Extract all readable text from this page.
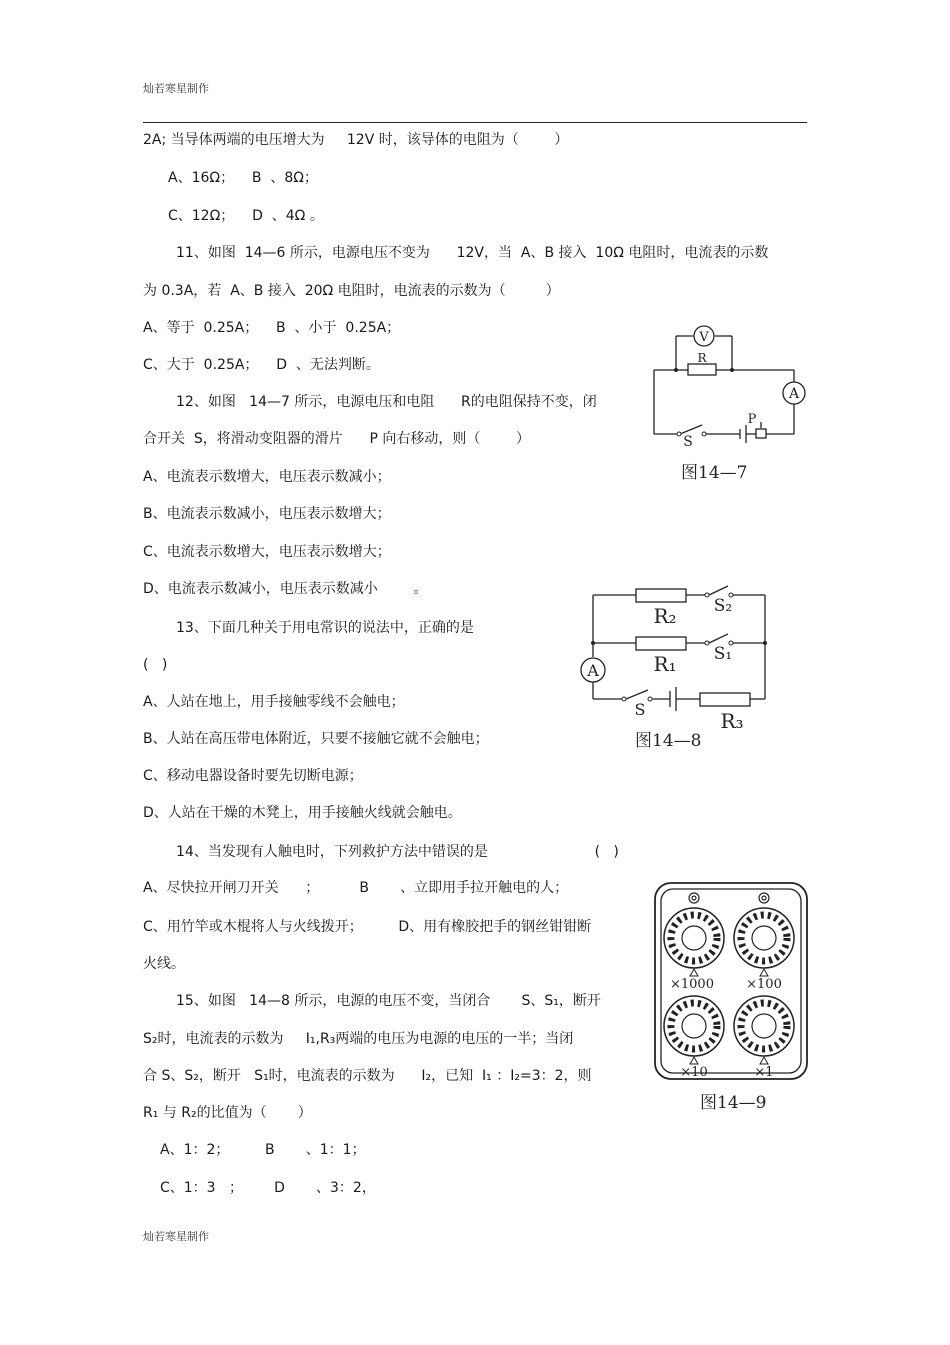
灿若寒星制作
2A; 当导体两端的电压增大为     12V 时，该导体的电阻为（        ）
A、16Ω；    B  、8Ω；
C、12Ω；    D  、4Ω 。
11、如图  14—6 所示，电源电压不变为      12V，当  A、B 接入  10Ω 电阻时，电流表的示数
为 0.3A，若  A、B 接入  20Ω 电阻时，电流表的示数为（         ）
A、等于  0.25A；    B  、小于  0.25A；
C、大于  0.25A；    D  、无法判断。
12、如图   14—7 所示，电源电压和电阻      R的电阻保持不变，闭
合开关  S，将滑动变阻器的滑片      P 向右移动，则（        ）
A、电流表示数增大，电压表示数减小；
B、电流表示数减小，电压表示数增大；
C、电流表示数增大，电压表示数增大；
D、电流表示数减小，电压表示数减小        。
13、下面几种关于用电常识的说法中，正确的是
(   )
A、人站在地上，用手接触零线不会触电；
B、人站在高压带电体附近，只要不接触它就不会触电；
C、移动电器设备时要先切断电源；
D、人站在干燥的木凳上，用手接触火线就会触电。
14、当发现有人触电时，下列救护方法中错误的是                        (   )
A、尽快拉开闸刀开关      ；         B       、立即用手拉开触电的人；
C、用竹竿或木棍将人与火线拨开；        D、用有橡胶把手的钢丝钳钳断
火线。
15、如图   14—8 所示，电源的电压不变，当闭合       S、S₁，断开
S₂时，电流表的示数为     I₁,R₃两端的电压为电源的电压的一半；当闭
合 S、S₂，断开   S₁时，电流表的示数为      I₂，已知  I₁ ：I₂=3：2，则
R₁ 与 R₂的比值为（       ）
A、1：2；        B       、1：1；
C、1：3   ；       D       、3：2，
V
R
A
S
P
图14—7
R₂ S₂
R₁ S₁
A
S	R₃
图14—8
×1000 ×100
×10	×1
图14—9
灿若寒星制作
